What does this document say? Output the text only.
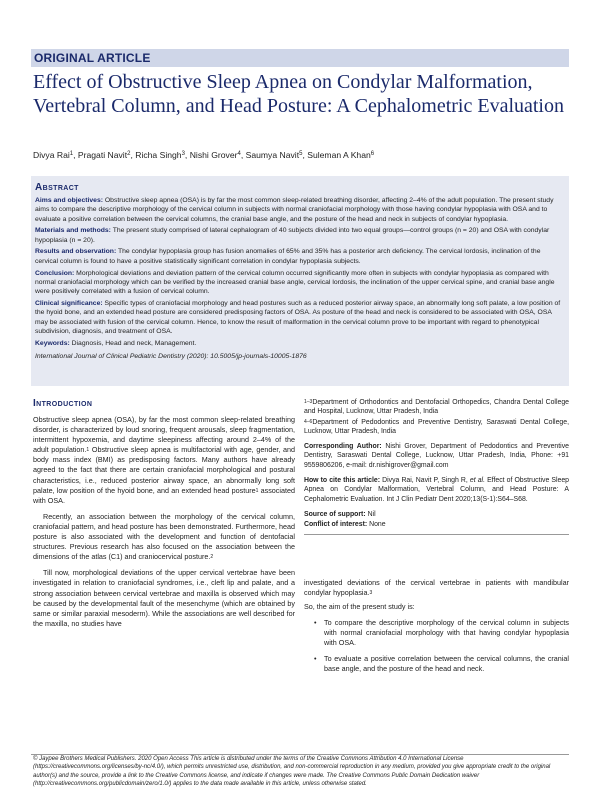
ORIGINAL ARTICLE
Effect of Obstructive Sleep Apnea on Condylar Malformation, Vertebral Column, and Head Posture: A Cephalometric Evaluation
Divya Rai$^1$, Pragati Navit$^2$, Richa Singh$^3$, Nishi Grover$^4$, Saumya Navit$^5$, Suleman A Khan$^6$
Abstract

Aims and objectives: Obstructive sleep apnea (OSA) is by far the most common sleep-related breathing disorder, affecting 2–4% of the adult population. The present study aims to compare the descriptive morphology of the cervical column in subjects with normal craniofacial morphology with those having condylar hypoplasia with OSA and to evaluate a positive correlation between the cervical columns, the cranial base angle, and the posture of the head and neck in subjects of condylar hypoplasia.

Materials and methods: The present study comprised of lateral cephalogram of 40 subjects divided into two equal groups—control groups (n = 20) and OSA with condylar hypoplasia (n = 20).

Results and observation: The condylar hypoplasia group has fusion anomalies of 65% and 35% has a posterior arch deficiency. The cervical lordosis, inclination of the cervical column is found to have a positive statistically significant correlation in condylar hypoplasia subjects.

Conclusion: Morphological deviations and deviation pattern of the cervical column occurred significantly more often in subjects with condylar hypoplasia as compared with normal craniofacial morphology which can be verified by the increased cranial base angle, cervical lordosis, the inclination of the upper cervical spine, and cranial base angle were positively correlated with a fusion of cervical column.

Clinical significance: Specific types of craniofacial morphology and head postures such as a reduced posterior airway space, an abnormally long soft palate, a low position of the hyoid bone, and an extended head posture are considered predisposing factors of OSA. As posture of the head and neck is considered to be associated with OSA, OSA may be associated with fusion of the cervical column. Hence, to know the result of malformation in the cervical column prove to be important with regard to phenotypical subdivision, diagnosis, and treatment of OSA.

Keywords: Diagnosis, Head and neck, Management.

International Journal of Clinical Pediatric Dentistry (2020): 10.5005/jp-journals-10005-1876

Introduction

Obstructive sleep apnea (OSA), by far the most common sleep-related breathing disorder, is characterized by loud snoring, frequent arousals, sleep fragmentation, intermittent hypoxemia, and daytime sleepiness affecting around 2–4% of the adult population.$^1$ Obstructive sleep apnea is multifactorial with age, gender, and body mass index (BMI) as predisposing factors. Many authors have already agreed to the fact that there are certain craniofacial morphological and postural characteristics, i.e., reduced posterior airway space, an abnormally long soft palate, low position of the hyoid bone, and an extended head posture$^1$ associated with OSA.

Recently, an association between the morphology of the cervical column, craniofacial pattern, and head posture has been demonstrated. Furthermore, head posture is also associated with the development and function of dentofacial structures. Previous research has also focused on the association between the dimensions of the atlas (C1) and craniocervical posture.$^2$

Till now, morphological deviations of the upper cervical vertebrae have been investigated in relation to craniofacial syndromes, i.e., cleft lip and palate, and a strong association between cervical vertebrae and maxilla is observed which may be caused by the developmental fault of the mesenchyme (which are obtained by same or similar paraxial mesoderm). While the associations are well described for the maxilla, no studies have

$^{1-3}$Department of Orthodontics and Dentofacial Orthopedics, Chandra Dental College and Hospital, Lucknow, Uttar Pradesh, India

$^{4-6}$Department of Pedodontics and Preventive Dentistry, Saraswati Dental College, Lucknow, Uttar Pradesh, India

Corresponding Author: Nishi Grover, Department of Pedodontics and Preventive Dentistry, Saraswati Dental College, Lucknow, Uttar Pradesh, India, Phone: +91 9559806206, e-mail: dr.nishigrover@gmail.com

How to cite this article: Divya Rai, Navit P, Singh R, et al. Effect of Obstructive Sleep Apnea on Condylar Malformation, Vertebral Column, and Head Posture: A Cephalometric Evaluation. Int J Clin Pediatr Dent 2020;13(S-1):S64–S68.

Source of support: Nil

Conflict of interest: None

investigated deviations of the cervical vertebrae in patients with mandibular condylar hypoplasia.$^3$

So, the aim of the present study is:

• To compare the descriptive morphology of the cervical column in subjects with normal craniofacial morphology with that having condylar hypoplasia with OSA.
• To evaluate a positive correlation between the cervical columns, the cranial base angle, and the posture of the head and neck.

© Jaypee Brothers Medical Publishers. 2020 Open Access This article is distributed under the terms of the Creative Commons Attribution 4.0 International License (https://creativecommons.org/licenses/by-nc/4.0/), which permits unrestricted use, distribution, and non-commercial reproduction in any medium, provided you give appropriate credit to the original author(s) and the source, provide a link to the Creative Commons license, and indicate if changes were made. The Creative Commons Public Domain Dedication waiver (http://creativecommons.org/publicdomain/zero/1.0/) applies to the data made available in this article, unless otherwise stated.
